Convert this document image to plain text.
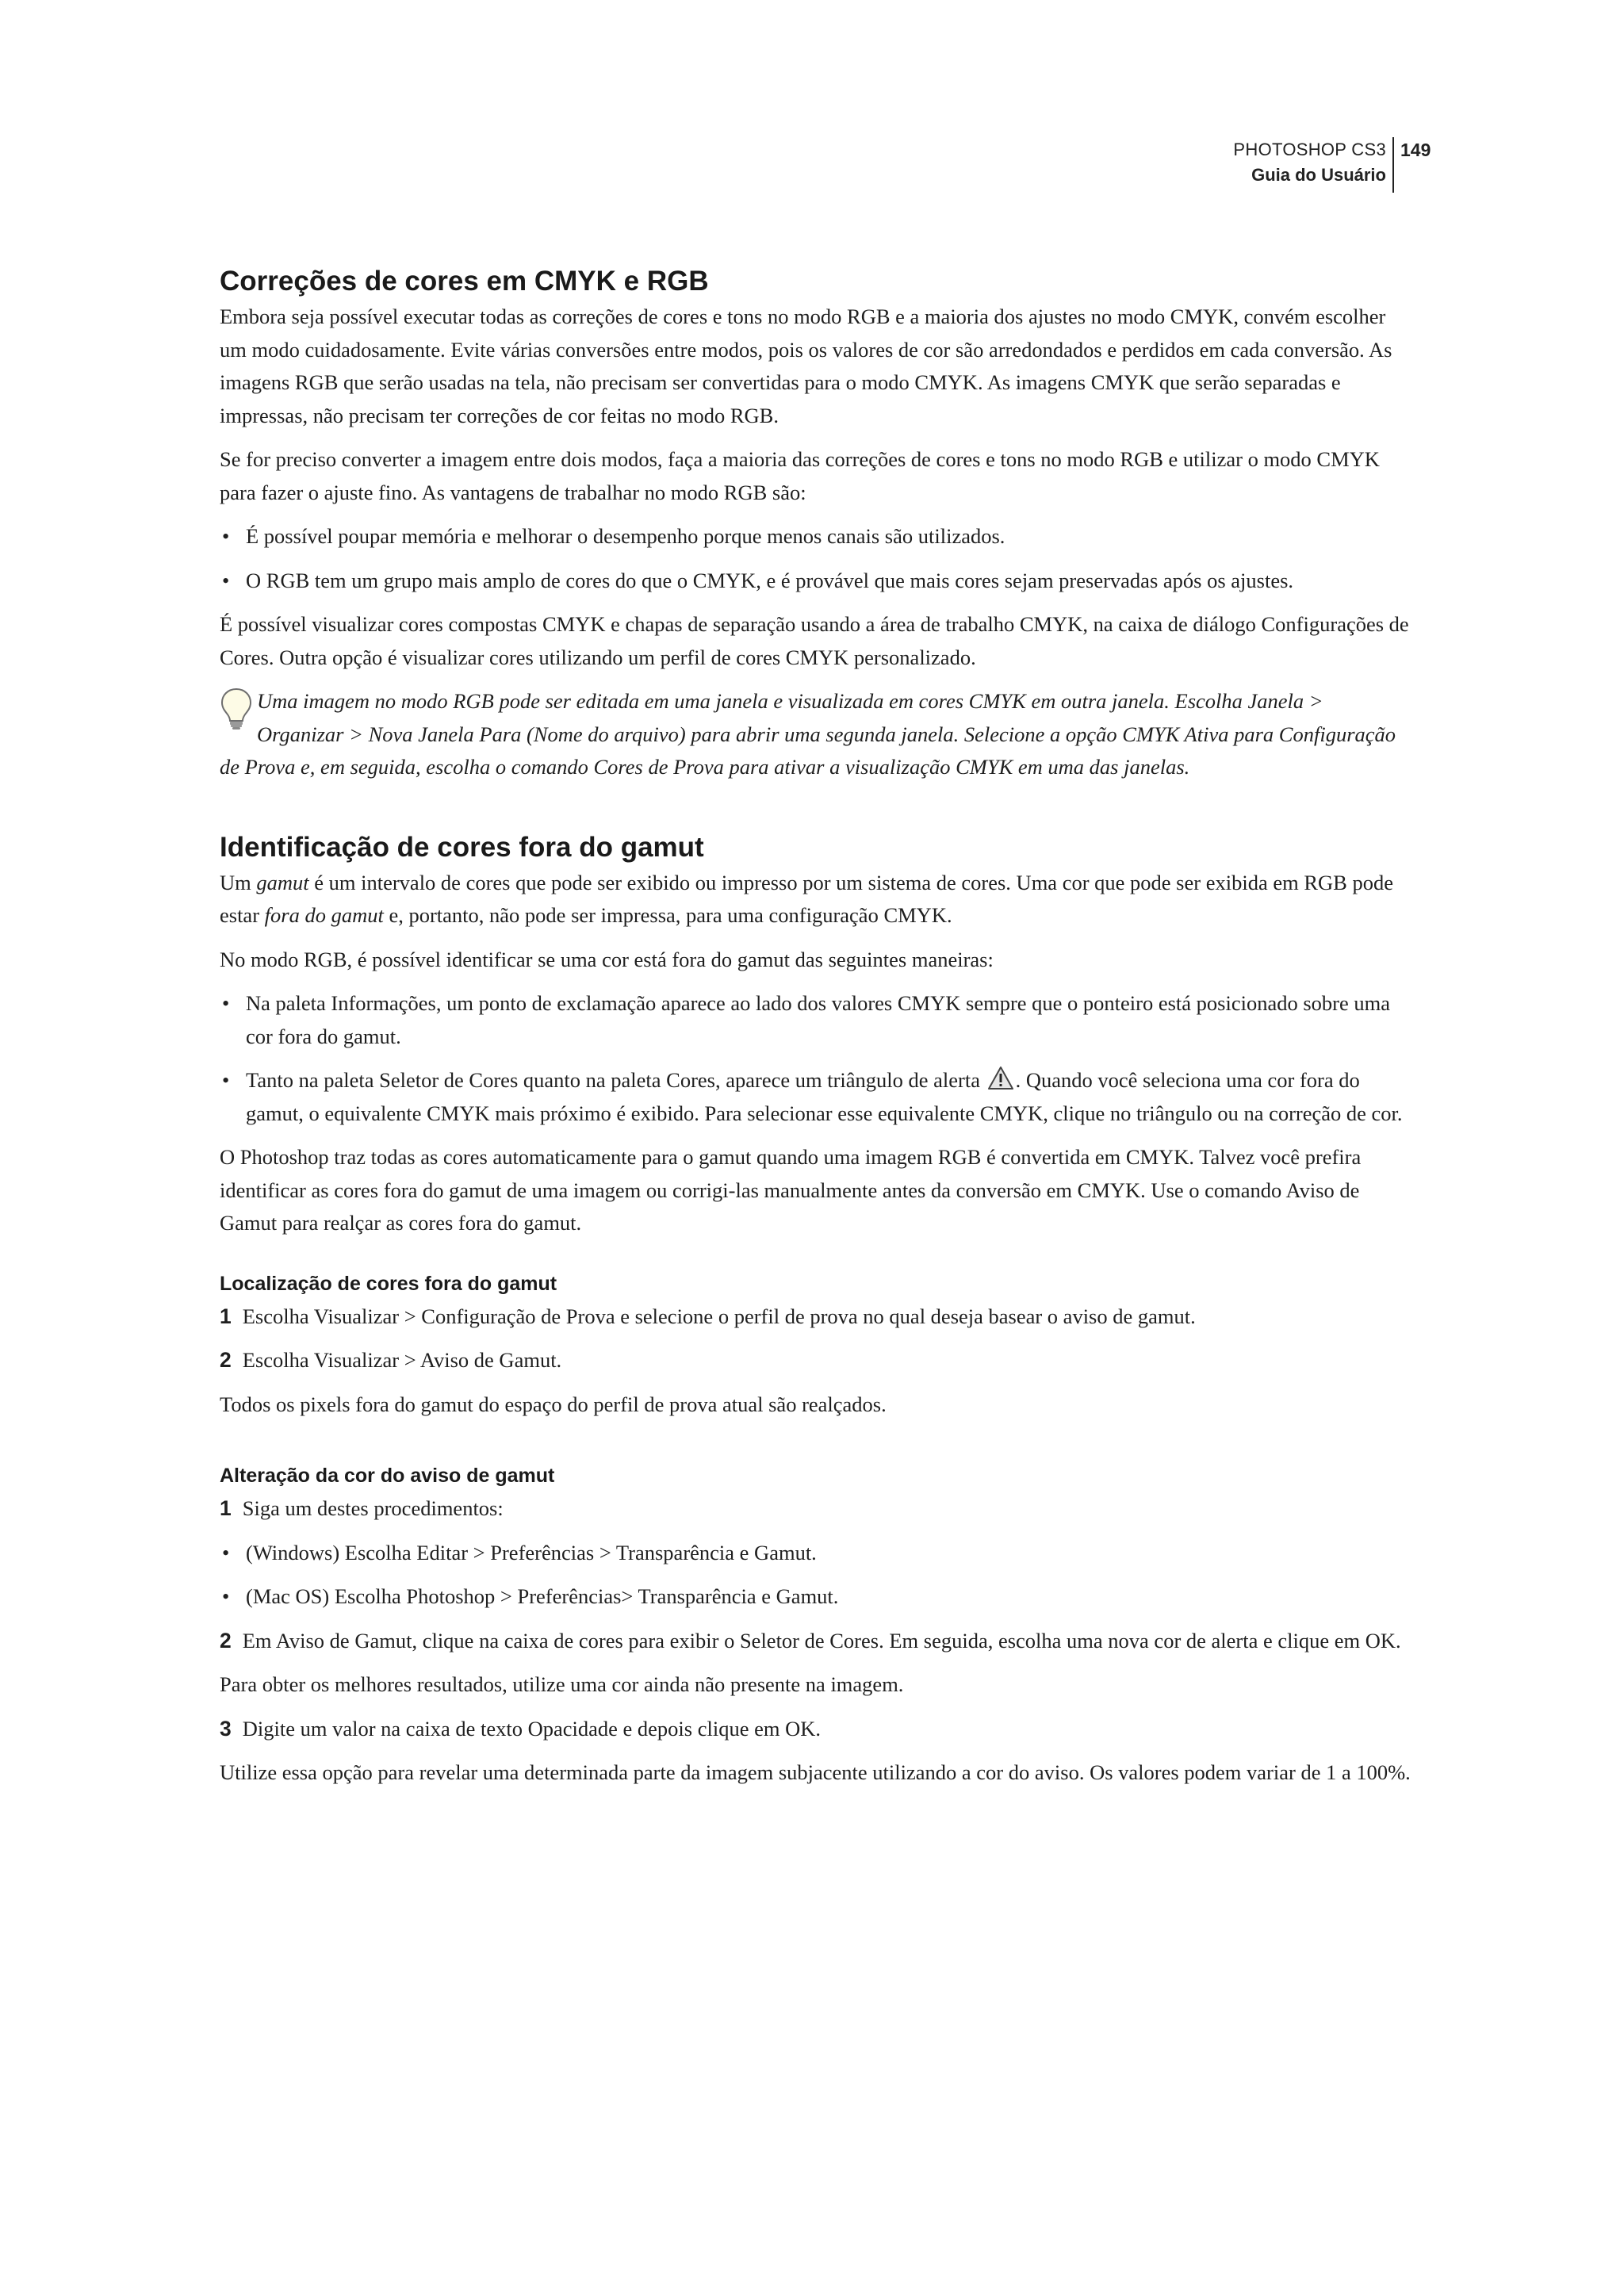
PHOTOSHOP CS3
Guia do Usuário
149
Correções de cores em CMYK e RGB

Embora seja possível executar todas as correções de cores e tons no modo RGB e a maioria dos ajustes no modo CMYK, convém escolher um modo cuidadosamente. Evite várias conversões entre modos, pois os valores de cor são arredondados e perdidos em cada conversão. As imagens RGB que serão usadas na tela, não precisam ser convertidas para o modo CMYK. As imagens CMYK que serão separadas e impressas, não precisam ter correções de cor feitas no modo RGB.

Se for preciso converter a imagem entre dois modos, faça a maioria das correções de cores e tons no modo RGB e utilizar o modo CMYK para fazer o ajuste fino. As vantagens de trabalhar no modo RGB são:

• É possível poupar memória e melhorar o desempenho porque menos canais são utilizados.
• O RGB tem um grupo mais amplo de cores do que o CMYK, e é provável que mais cores sejam preservadas após os ajustes.

É possível visualizar cores compostas CMYK e chapas de separação usando a área de trabalho CMYK, na caixa de diálogo Configurações de Cores. Outra opção é visualizar cores utilizando um perfil de cores CMYK personalizado.

Uma imagem no modo RGB pode ser editada em uma janela e visualizada em cores CMYK em outra janela. Escolha Janela > Organizar > Nova Janela Para (Nome do arquivo) para abrir uma segunda janela. Selecione a opção CMYK Ativa para Configuração de Prova e, em seguida, escolha o comando Cores de Prova para ativar a visualização CMYK em uma das janelas.
Identificação de cores fora do gamut

Um gamut é um intervalo de cores que pode ser exibido ou impresso por um sistema de cores. Uma cor que pode ser exibida em RGB pode estar fora do gamut e, portanto, não pode ser impressa, para uma configuração CMYK.

No modo RGB, é possível identificar se uma cor está fora do gamut das seguintes maneiras:

• Na paleta Informações, um ponto de exclamação aparece ao lado dos valores CMYK sempre que o ponteiro está posicionado sobre uma cor fora do gamut.
• Tanto na paleta Seletor de Cores quanto na paleta Cores, aparece um triângulo de alerta . Quando você seleciona uma cor fora do gamut, o equivalente CMYK mais próximo é exibido. Para selecionar esse equivalente CMYK, clique no triângulo ou na correção de cor.

O Photoshop traz todas as cores automaticamente para o gamut quando uma imagem RGB é convertida em CMYK. Talvez você prefira identificar as cores fora do gamut de uma imagem ou corrigi-las manualmente antes da conversão em CMYK. Use o comando Aviso de Gamut para realçar as cores fora do gamut.

Localização de cores fora do gamut

1 Escolha Visualizar > Configuração de Prova e selecione o perfil de prova no qual deseja basear o aviso de gamut.

2 Escolha Visualizar > Aviso de Gamut.

Todos os pixels fora do gamut do espaço do perfil de prova atual são realçados.

Alteração da cor do aviso de gamut

1 Siga um destes procedimentos:

• (Windows) Escolha Editar > Preferências > Transparência e Gamut.
• (Mac OS) Escolha Photoshop > Preferências> Transparência e Gamut.

2 Em Aviso de Gamut, clique na caixa de cores para exibir o Seletor de Cores. Em seguida, escolha uma nova cor de alerta e clique em OK.

Para obter os melhores resultados, utilize uma cor ainda não presente na imagem.

3 Digite um valor na caixa de texto Opacidade e depois clique em OK.

Utilize essa opção para revelar uma determinada parte da imagem subjacente utilizando a cor do aviso. Os valores podem variar de 1 a 100%.
